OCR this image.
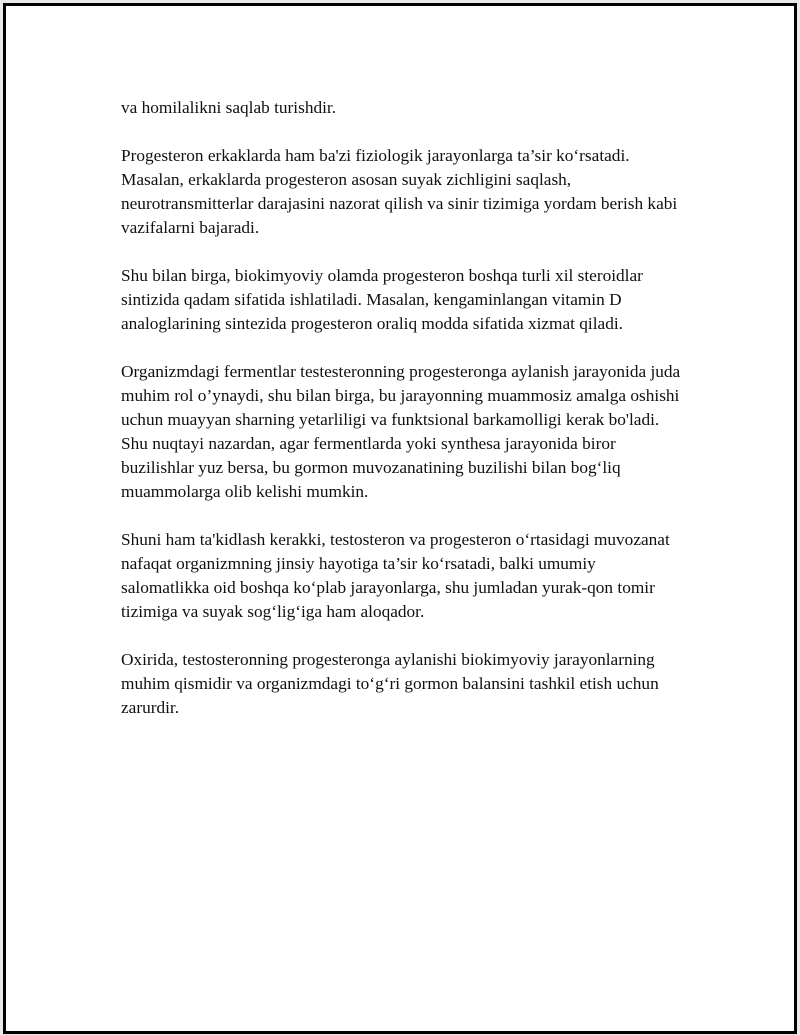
va homilalikni saqlab turishdir.

Progesteron erkaklarda ham ba'zi fiziologik jarayonlarga ta’sir ko‘rsatadi. Masalan, erkaklarda progesteron asosan suyak zichligini saqlash, neurotransmitterlar darajasini nazorat qilish va sinir tizimiga yordam berish kabi vazifalarni bajaradi.

Shu bilan birga, biokimyoviy olamda progesteron boshqa turli xil steroidlar sintizida qadam sifatida ishlatiladi. Masalan, kengaminlangan vitamin D analoglarining sintezida progesteron oraliq modda sifatida xizmat qiladi.

Organizmdagi fermentlar testesteronning progesteronga aylanish jarayonida juda muhim rol o’ynaydi, shu bilan birga, bu jarayonning muammosiz amalga oshishi uchun muayyan sharning yetarliligi va funktsional barkamolligi kerak bo'ladi. Shu nuqtayi nazardan, agar fermentlarda yoki synthesa jarayonida biror buzilishlar yuz bersa, bu gormon muvozanatining buzilishi bilan bog‘liq muammolarga olib kelishi mumkin.

Shuni ham ta'kidlash kerakki, testosteron va progesteron o‘rtasidagi muvozanat nafaqat organizmning jinsiy hayotiga ta’sir ko‘rsatadi, balki umumiy salomatlikka oid boshqa ko‘plab jarayonlarga, shu jumladan yurak-qon tomir tizimiga va suyak sog‘lig‘iga ham aloqador.

Oxirida, testosteronning progesteronga aylanishi biokimyoviy jarayonlarning muhim qismidir va organizmdagi to‘g‘ri gormon balansini tashkil etish uchun zarurdir.
